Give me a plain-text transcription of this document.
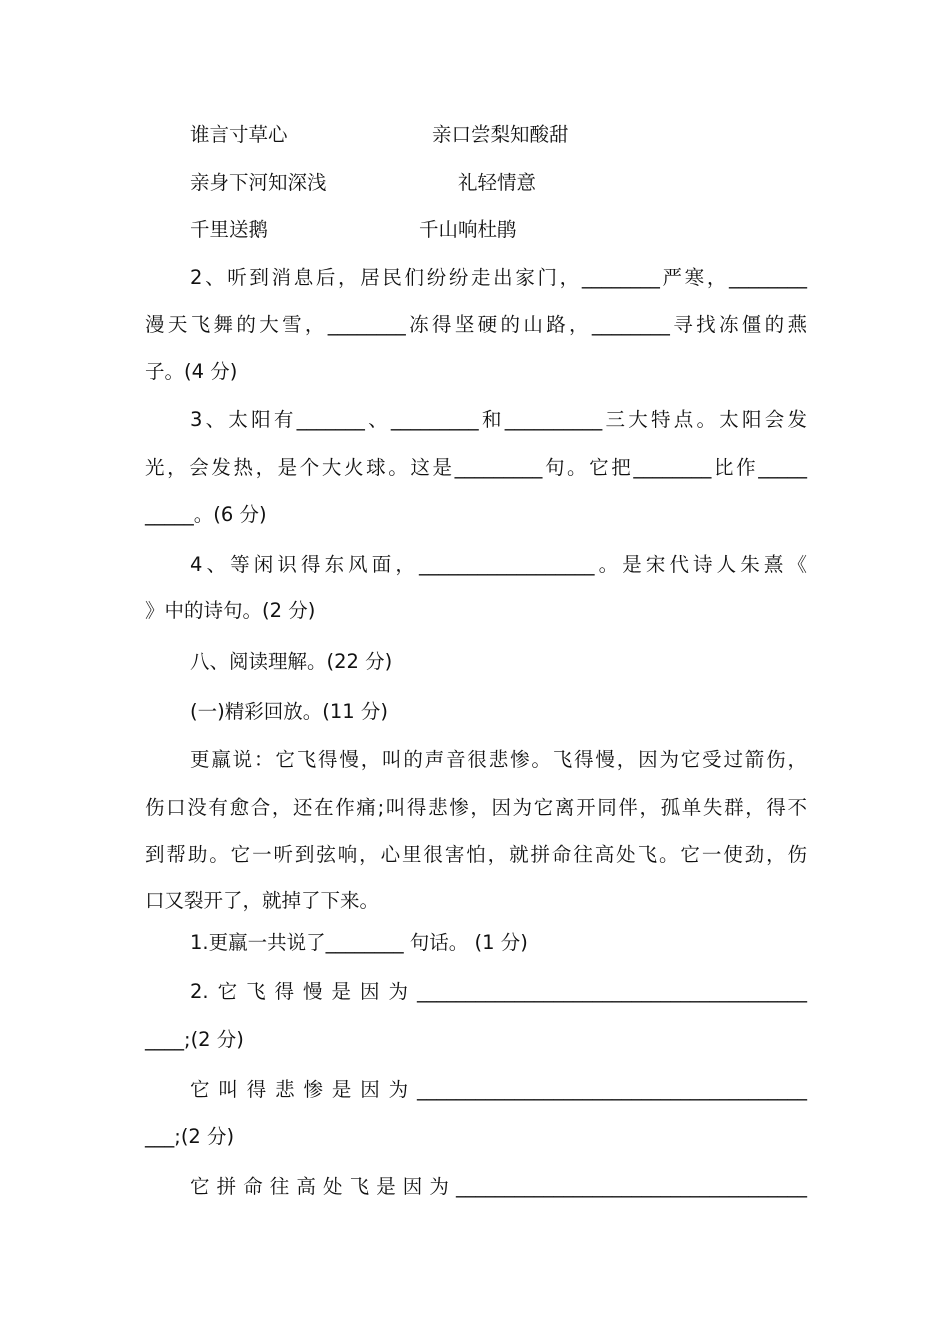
谁言寸草心	亲口尝梨知酸甜
亲身下河知深浅	礼轻情意
千里送鹅	千山响杜鹃
2、听到消息后，居民们纷纷走出家门，________严寒，________
漫天飞舞的大雪，________冻得坚硬的山路，________寻找冻僵的燕
子。(4 分)
3、太阳有_______、_________和__________三大特点。太阳会发
光，会发热，是个大火球。这是_________句。它把________比作_____
_____。(6 分)
4、等闲识得东风面，__________________。是宋代诗人朱熹《
》中的诗句。(2 分)
八、阅读理解。(22 分)
(一)精彩回放。(11 分)
更羸说：它飞得慢，叫的声音很悲惨。飞得慢，因为它受过箭伤，
伤口没有愈合，还在作痛;叫得悲惨，因为它离开同伴，孤单失群，得不
到帮助。它一听到弦响，心里很害怕，就拼命往高处飞。它一使劲，伤
口又裂开了，就掉了下来。
1.更羸一共说了________ 句话。 (1 分)
2.它飞得慢是因为________________________________________
____;(2 分)
它叫得悲惨是因为________________________________________
___;(2 分)
它拼命往高处飞是因为____________________________________
